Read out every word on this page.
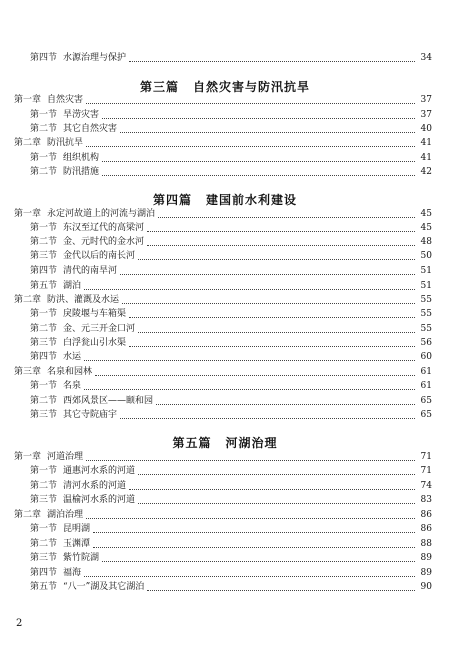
第四节 水源治理与保护	34
第三篇 自然灾害与防汛抗旱
第一章 自然灾害	37
第一节 旱涝灾害	37
第二节 其它自然灾害	40
第二章 防汛抗旱	41
第一节 组织机构	41
第二节 防汛措施	42
第四篇 建国前水利建设
第一章 永定河故道上的河流与湖泊	45
第一节 东汉至辽代的高梁河	45
第二节 金、元时代的金水河	48
第三节 金代以后的南长河	50
第四节 清代的南旱河	51
第五节 湖泊	51
第二章 防洪、灌溉及水运	55
第一节 戾陵堰与车箱渠	55
第二节 金、元三开金口河	55
第三节 白浮瓮山引水渠	56
第四节 水运	60
第三章 名泉和园林	61
第一节 名泉	61
第二节 西郊风景区——颐和园	65
第三节 其它寺院庙宇	65
第五篇 河湖治理
第一章 河道治理	71
第一节 通惠河水系的河道	71
第二节 清河水系的河道	74
第三节 温榆河水系的河道	83
第二章 湖泊治理	86
第一节 昆明湖	86
第二节 玉渊潭	88
第三节 紫竹院湖	89
第四节 福海	89
第五节 “八一”湖及其它湖泊	90
2
